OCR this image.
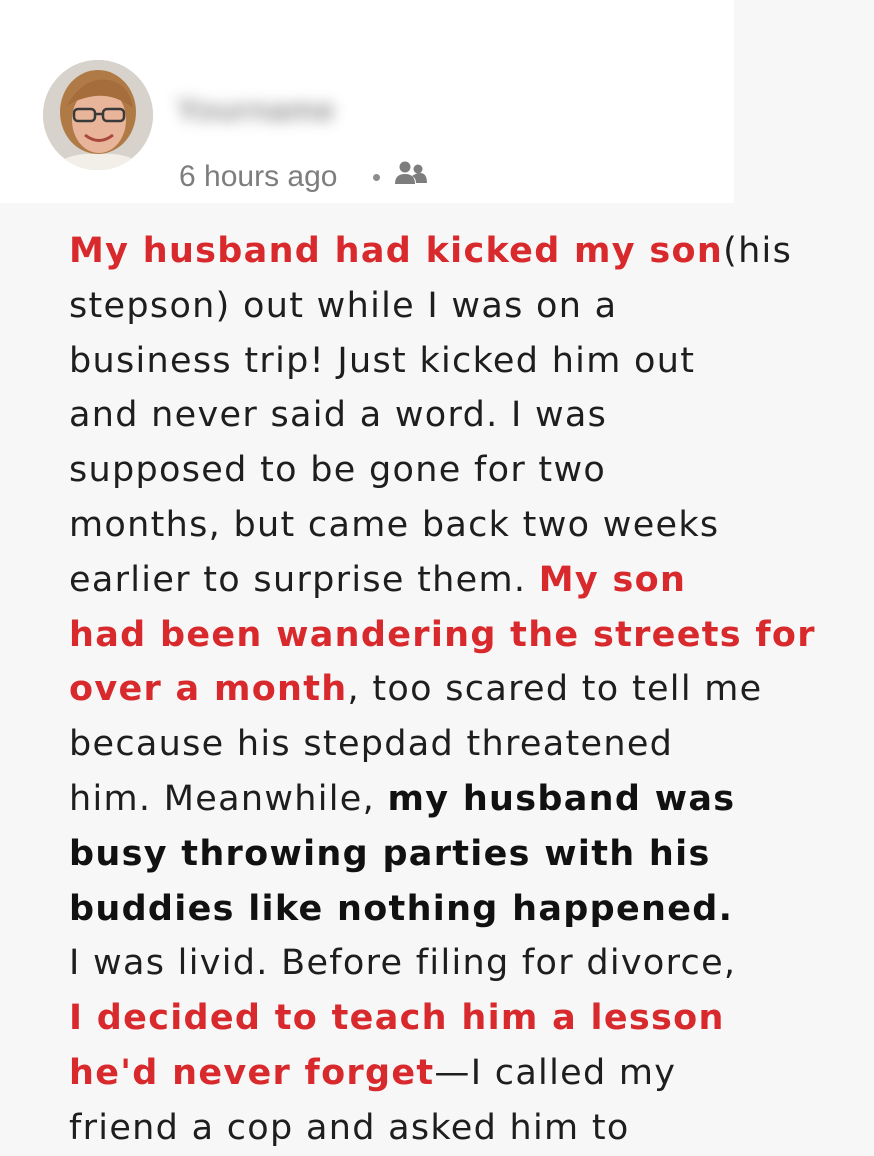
Yourname
6 hours ago

My husband had kicked my son(his
stepson) out while I was on a
business trip! Just kicked him out
and never said a word. I was
supposed to be gone for two
months, but came back two weeks
earlier to surprise them. My son
had been wandering the streets for
over a month, too scared to tell me
because his stepdad threatened
him. Meanwhile, my husband was
busy throwing parties with his
buddies like nothing happened.
I was livid. Before filing for divorce,
I decided to teach him a lesson
he'd never forget—I called my
friend a cop and asked him to
